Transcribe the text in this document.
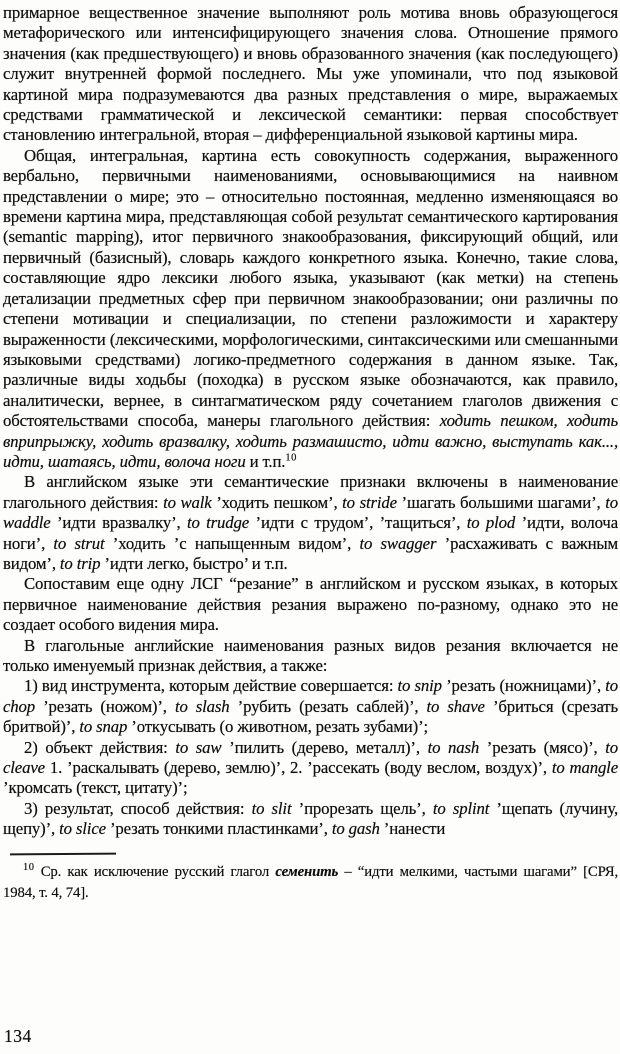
примарное вещественное значение выполняют роль мотива вновь образующегося метафорического или интенсифицирующего значения слова. Отношение прямого значения (как предшествующего) и вновь образованного значения (как последующего) служит внутренней формой последнего. Мы уже упоминали, что под языковой картиной мира подразумеваются два разных представления о мире, выражаемых средствами грамматической и лексической семантики: первая способствует становлению интегральной, вторая – дифференциальной языковой картины мира.

Общая, интегральная, картина есть совокупность содержания, выраженного вербально, первичными наименованиями, основывающимися на наивном представлении о мире; это – относительно постоянная, медленно изменяющаяся во времени картина мира, представляющая собой результат семантического картирования (semantic mapping), итог первичного знакообразования, фиксирующий общий, или первичный (базисный), словарь каждого конкретного языка. Конечно, такие слова, составляющие ядро лексики любого языка, указывают (как метки) на степень детализации предметных сфер при первичном знакообразовании; они различны по степени мотивации и специализации, по степени разложимости и характеру выраженности (лексическими, морфологическими, синтаксическими или смешанными языковыми средствами) логико-предметного содержания в данном языке. Так, различные виды ходьбы (походка) в русском языке обозначаются, как правило, аналитически, вернее, в синтагматическом ряду сочетанием глаголов движения с обстоятельствами способа, манеры глагольного действия: ходить пешком, ходить вприпрыжку, ходить вразвалку, ходить размашисто, идти важно, выступать как..., идти, шатаясь, идти, волоча ноги и т.п.$^{10}$

В английском языке эти семантические признаки включены в наименование глагольного действия: to walk ’ходить пешком’, to stride ’шагать большими шагами’, to waddle ’идти вразвалку’, to trudge ’идти с трудом’, ’тащиться’, to plod ’идти, волоча ноги’, to strut ’ходить ’с напыщенным видом’, to swagger ’расхаживать с важным видом’, to trip ’идти легко, быстро’ и т.п.

Сопоставим еще одну ЛСГ “резание” в английском и русском языках, в которых первичное наименование действия резания выражено по-разному, однако это не создает особого видения мира.

В глагольные английские наименования разных видов резания включается не только именуемый признак действия, а также:

1) вид инструмента, которым действие совершается: to snip ’резать (ножницами)’, to chop ’резать (ножом)’, to slash ’рубить (резать саблей)’, to shave ’бриться (срезать бритвой)’, to snap ’откусывать (о животном, резать зубами)’;

2) объект действия: to saw ’пилить (дерево, металл)’, to nash ’резать (мясо)’, to cleave 1. ’раскалывать (дерево, землю)’, 2. ’рассекать (воду веслом, воздух)’, to mangle ’кромсать (текст, цитату)’;

3) результат, способ действия: to slit ’прорезать щель’, to splint ’щепать (лучину, щепу)’, to slice ’резать тонкими пластинками’, to gash ’нанести

$^{10}$ Ср. как исключение русский глагол семенить – “идти мелкими, частыми шагами” [СРЯ, 1984, т. 4, 74].

134
